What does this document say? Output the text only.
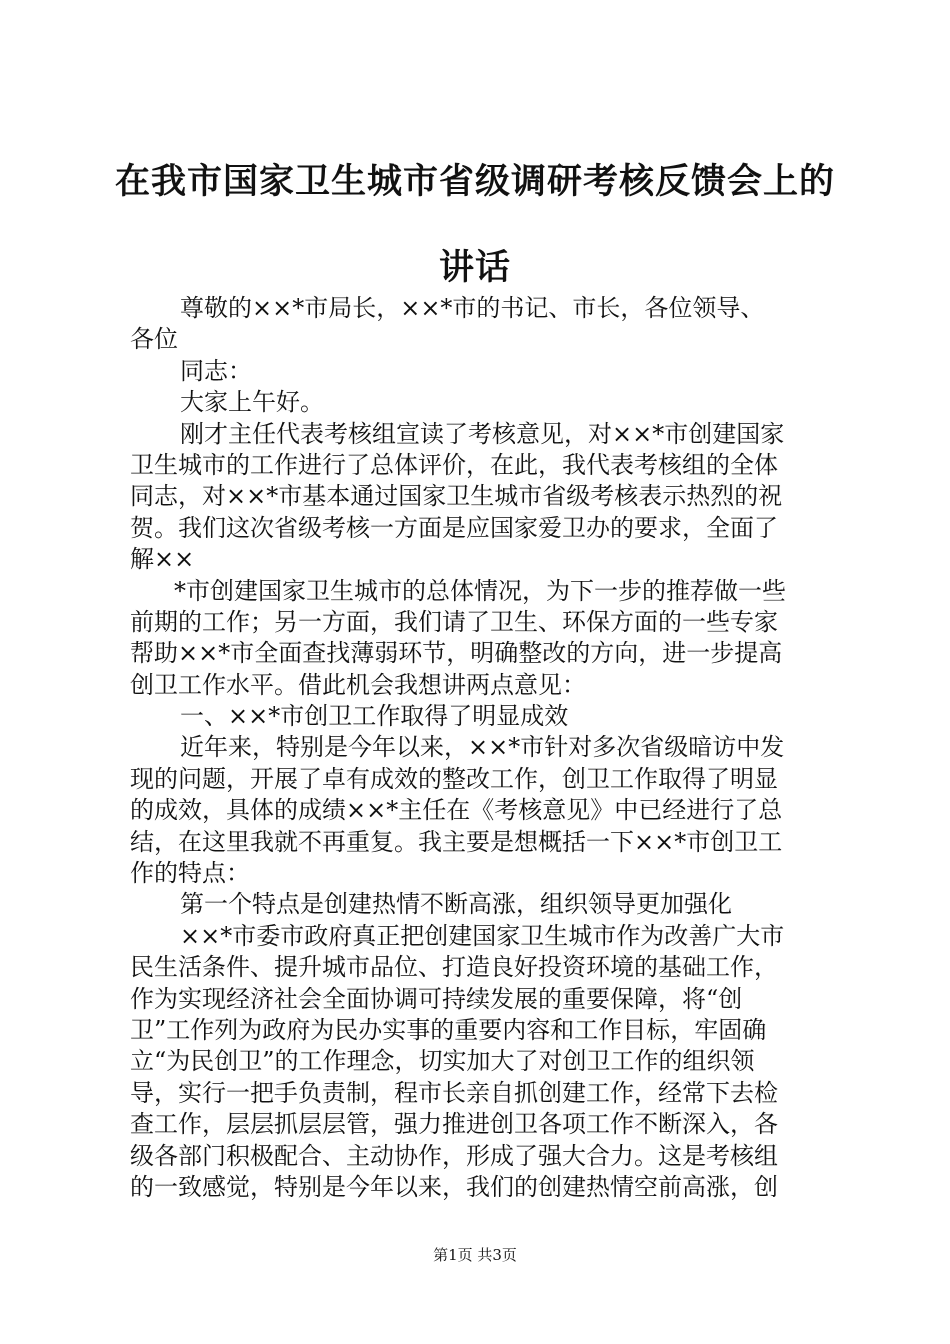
在我市国家卫生城市省级调研考核反馈会上的
讲话
尊敬的××*市局长，××*市的书记、市长，各位领导、
各位
同志：
大家上午好。
刚才主任代表考核组宣读了考核意见，对××*市创建国家
卫生城市的工作进行了总体评价，在此，我代表考核组的全体
同志，对××*市基本通过国家卫生城市省级考核表示热烈的祝
贺。我们这次省级考核一方面是应国家爱卫办的要求，全面了
解××
*市创建国家卫生城市的总体情况，为下一步的推荐做一些
前期的工作；另一方面，我们请了卫生、环保方面的一些专家
帮助××*市全面查找薄弱环节，明确整改的方向，进一步提高
创卫工作水平。借此机会我想讲两点意见：
一、××*市创卫工作取得了明显成效
近年来，特别是今年以来，××*市针对多次省级暗访中发
现的问题，开展了卓有成效的整改工作，创卫工作取得了明显
的成效，具体的成绩××*主任在《考核意见》中已经进行了总
结，在这里我就不再重复。我主要是想概括一下××*市创卫工
作的特点：
第一个特点是创建热情不断高涨，组织领导更加强化
××*市委市政府真正把创建国家卫生城市作为改善广大市
民生活条件、提升城市品位、打造良好投资环境的基础工作，
作为实现经济社会全面协调可持续发展的重要保障，将“创
卫”工作列为政府为民办实事的重要内容和工作目标，牢固确
立“为民创卫”的工作理念，切实加大了对创卫工作的组织领
导，实行一把手负责制，程市长亲自抓创建工作，经常下去检
查工作，层层抓层层管，强力推进创卫各项工作不断深入，各
级各部门积极配合、主动协作，形成了强大合力。这是考核组
的一致感觉，特别是今年以来，我们的创建热情空前高涨，创
第1页 共3页
